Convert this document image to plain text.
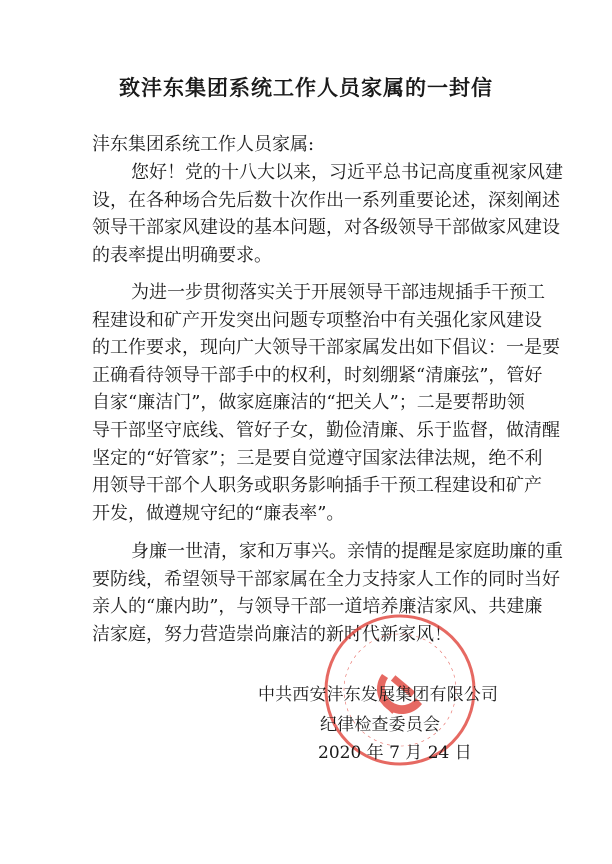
致沣东集团系统工作人员家属的一封信
沣东集团系统工作人员家属:
您好！党的十八大以来，习近平总书记高度重视家风建
设，在各种场合先后数十次作出一系列重要论述，深刻阐述
领导干部家风建设的基本问题，对各级领导干部做家风建设
的表率提出明确要求。
为进一步贯彻落实关于开展领导干部违规插手干预工
程建设和矿产开发突出问题专项整治中有关强化家风建设
的工作要求，现向广大领导干部家属发出如下倡议：一是要
正确看待领导干部手中的权利，时刻绷紧“清廉弦”，管好
自家“廉洁门”，做家庭廉洁的“把关人”；二是要帮助领
导干部坚守底线、管好子女，勤俭清廉、乐于监督，做清醒
坚定的“好管家”；三是要自觉遵守国家法律法规，绝不利
用领导干部个人职务或职务影响插手干预工程建设和矿产
开发，做遵规守纪的“廉表率”。
身廉一世清，家和万事兴。亲情的提醒是家庭助廉的重
要防线，希望领导干部家属在全力支持家人工作的同时当好
亲人的“廉内助”，与领导干部一道培养廉洁家风、共建廉
洁家庭，努力营造崇尚廉洁的新时代新家风！
中共西安沣东发展集团有限公司
纪律检查委员会
2020 年 7 月 24 日
